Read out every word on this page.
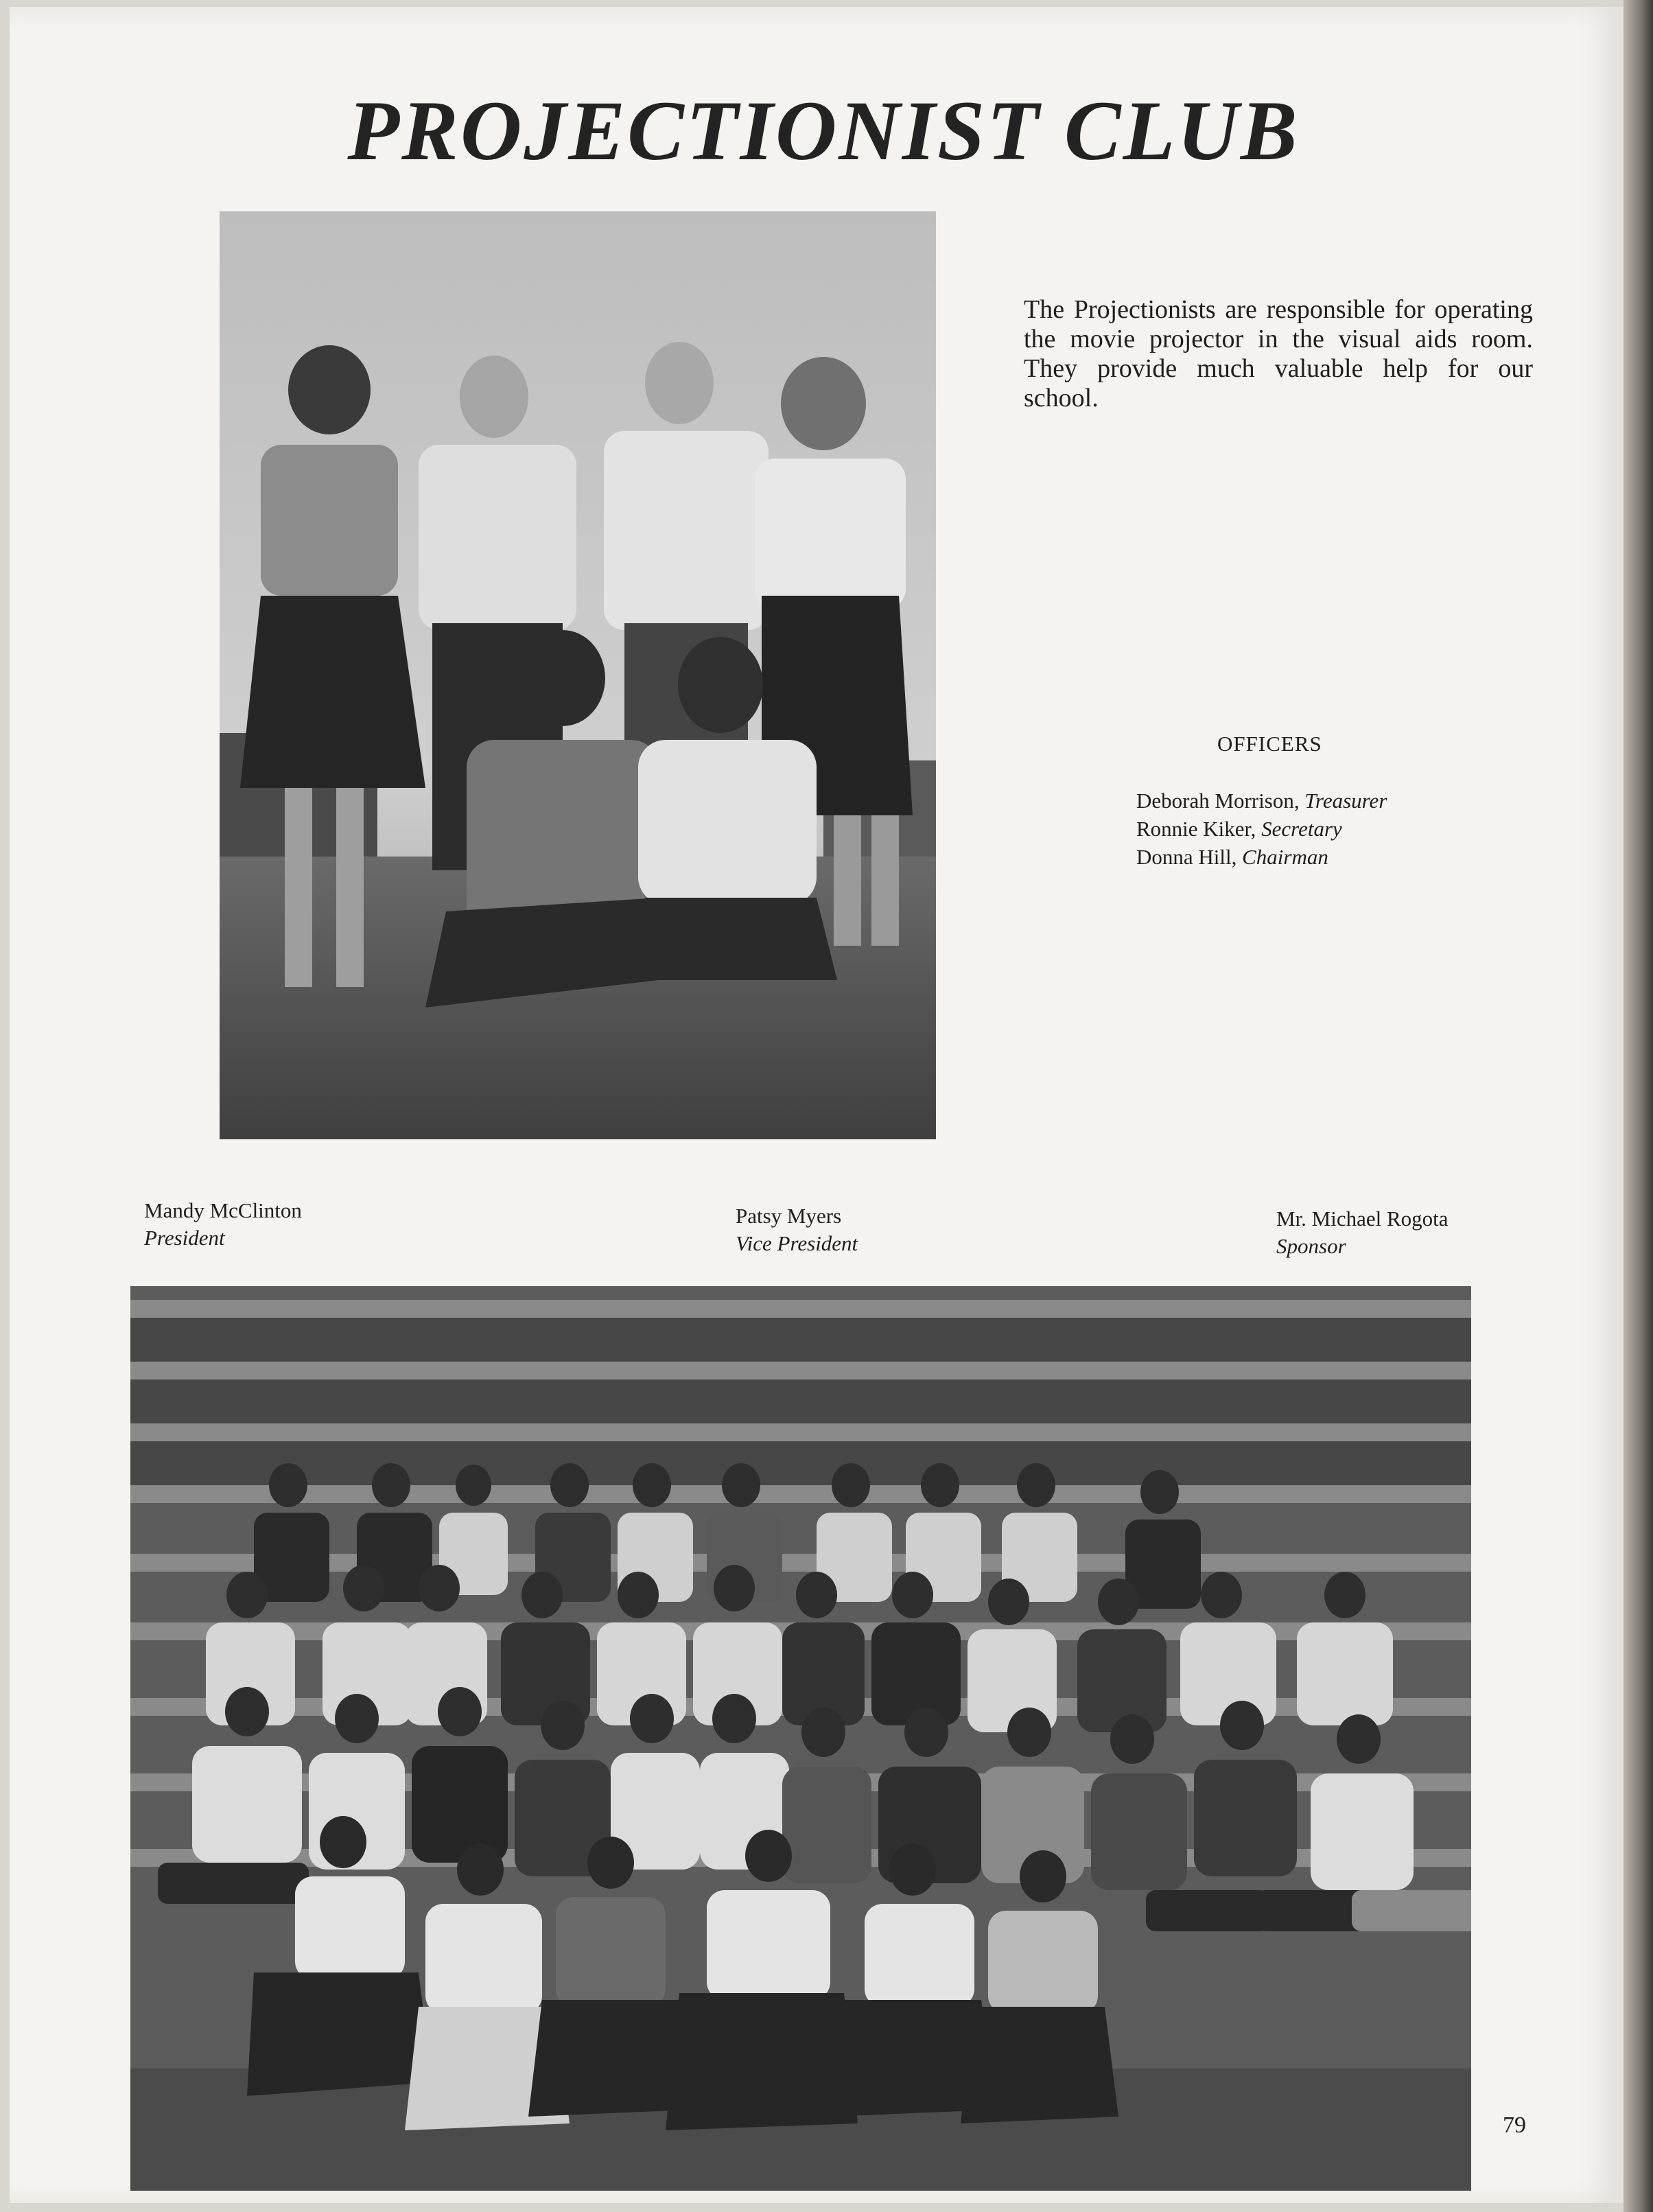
PROJECTIONIST CLUB
The Projectionists are responsible for operating the movie projector in the visual aids room. They provide much valuable help for our school.
OFFICERS
Deborah Morrison, Treasurer
Ronnie Kiker, Secretary
Donna Hill, Chairman
Mandy McClinton
President
Patsy Myers
Vice President
Mr. Michael Rogota
Sponsor
79
